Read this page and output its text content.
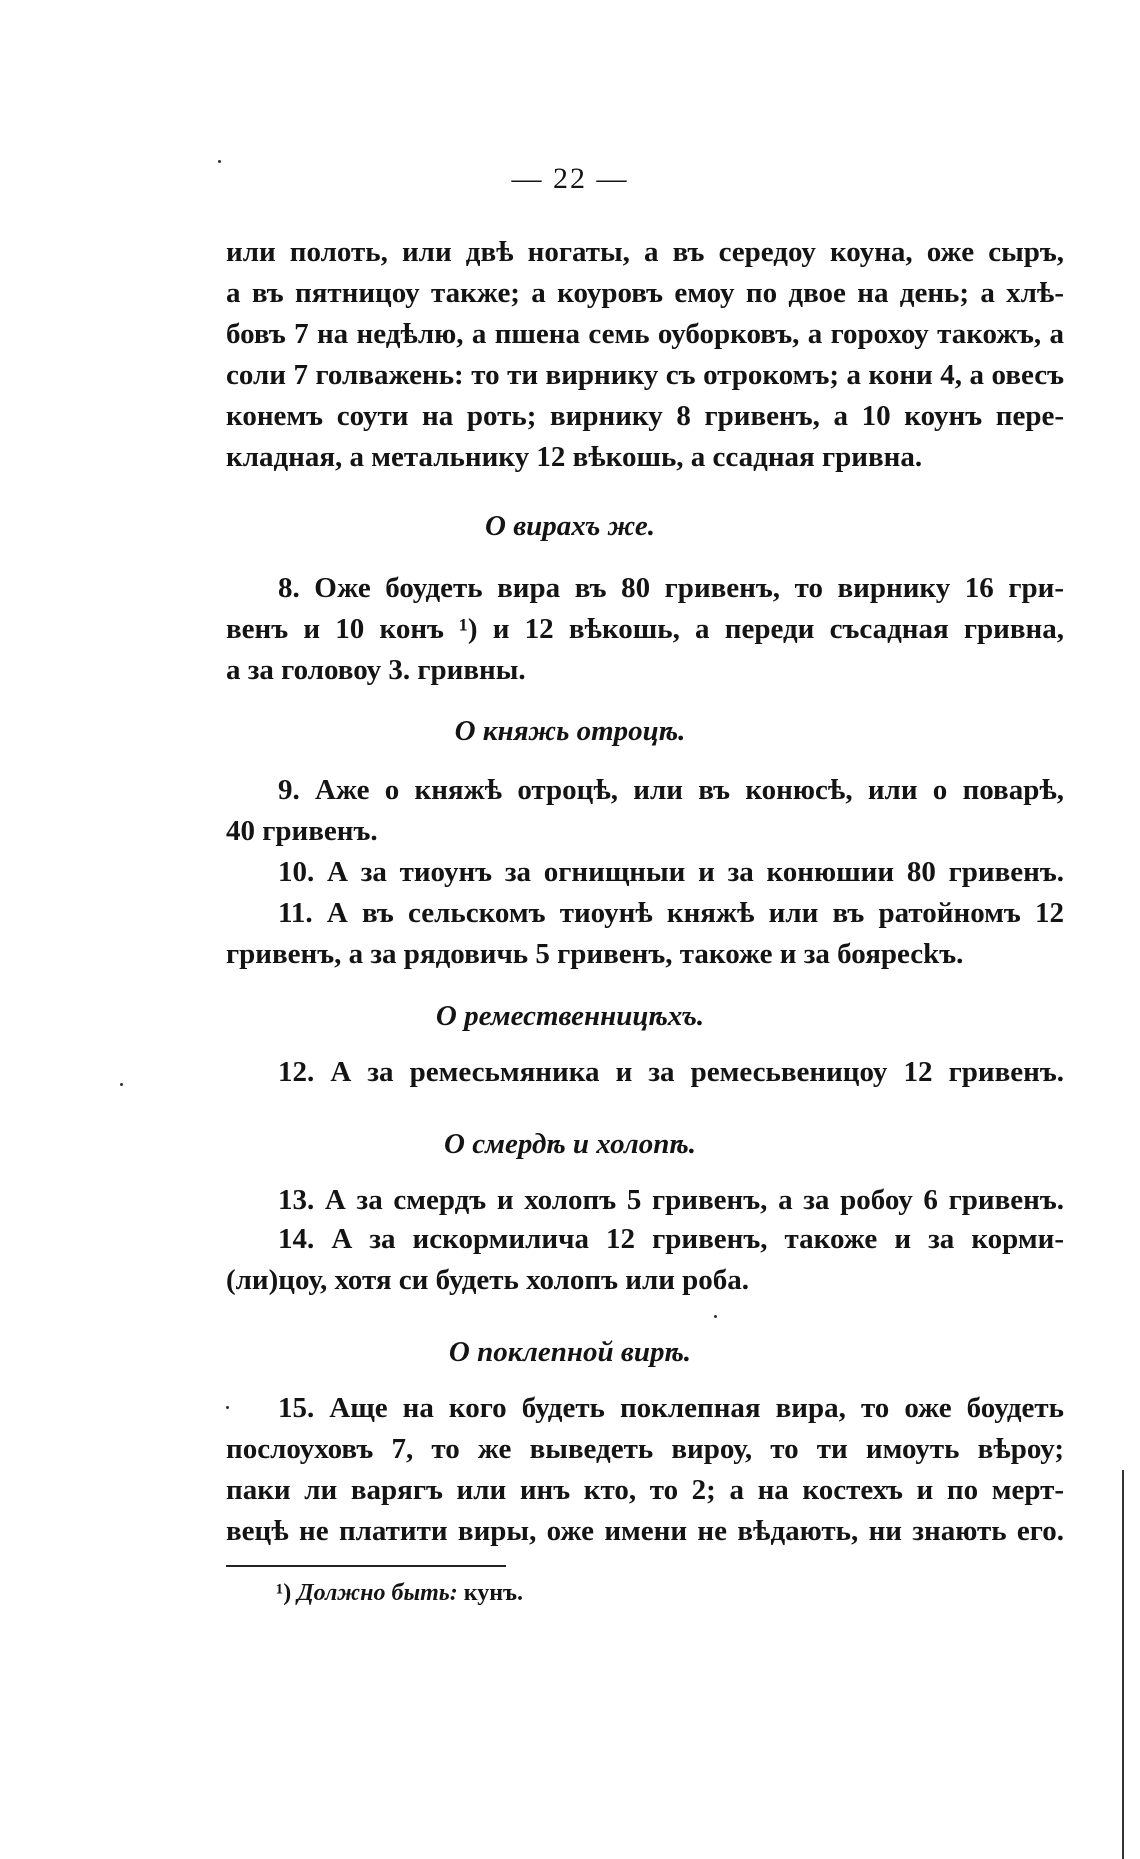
— 22 —
или полоть, или двѣ ногаты, а въ середоу коуна, оже сыръ,
а въ пятницоу также; а коуровъ емоу по двое на день; а хлѣ-
бовъ 7 на недѣлю, а пшена семь оуборковъ, а горохоу такожъ, а
соли 7 голважень: то ти вирнику съ отрокомъ; а кони 4, а овесъ
конемъ соути на роть; вирнику 8 гривенъ, а 10 коунъ пере-
кладная, а метальнику 12 вѣкошь, а ссадная гривна.
О вирахъ же.
8. Оже боудеть вира въ 80 гривенъ, то вирнику 16 гри-
венъ и 10 конъ ¹) и 12 вѣкошь, а переди съсадная гривна,
а за головоу 3. гривны.
О княжь отроцѣ.
9. Аже о княжѣ отроцѣ, или въ конюсѣ, или о поварѣ,
40 гривенъ.
10. А за тиоунъ за огнищныи и за конюшии 80 гривенъ.
11. А въ сельскомъ тиоунѣ княжѣ или въ ратойномъ 12
гривенъ, а за рядовичь 5 гривенъ, такоже и за бояресkъ.
О ремественницѣхъ.
12. А за ремесьмяника и за ремесьвеницоу 12 гривенъ.
О смердѣ и холопѣ.
13. А за смердъ и холопъ 5 гривенъ, а за робоу 6 гривенъ.
14. А за искормилича 12 гривенъ, такоже и за корми-
(ли)цоу, хотя си будеть холопъ или роба.
О поклепной вирѣ.
15. Аще на кого будеть поклепная вира, то оже боудеть
послоуховъ 7, то же выведеть вироу, то ти имоуть вѣроу;
паки ли варягъ или инъ кто, то 2; а на костехъ и по мерт-
вецѣ не платити виры, оже имени не вѣдають, ни знають его.
¹) Должно быть: кунъ.
